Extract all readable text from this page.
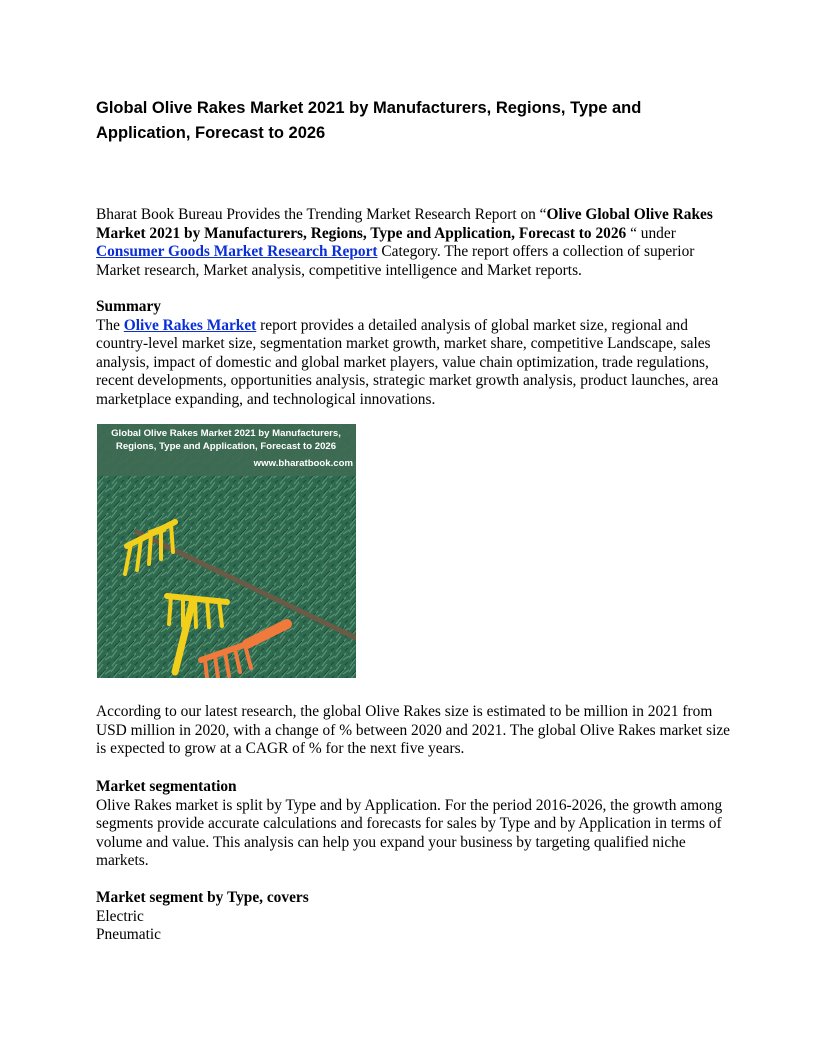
Global Olive Rakes Market 2021 by Manufacturers, Regions, Type and Application, Forecast to 2026

Bharat Book Bureau Provides the Trending Market Research Report on “Olive Global Olive Rakes Market 2021 by Manufacturers, Regions, Type and Application, Forecast to 2026 “ under Consumer Goods Market Research Report Category. The report offers a collection of superior Market research, Market analysis, competitive intelligence and Market reports.

Summary
The Olive Rakes Market report provides a detailed analysis of global market size, regional and country-level market size, segmentation market growth, market share, competitive Landscape, sales analysis, impact of domestic and global market players, value chain optimization, trade regulations, recent developments, opportunities analysis, strategic market growth analysis, product launches, area marketplace expanding, and technological innovations.

Global Olive Rakes Market 2021 by Manufacturers,
Regions, Type and Application, Forecast to 2026
www.bharatbook.com

According to our latest research, the global Olive Rakes size is estimated to be million in 2021 from USD million in 2020, with a change of % between 2020 and 2021. The global Olive Rakes market size is expected to grow at a CAGR of % for the next five years.

Market segmentation
Olive Rakes market is split by Type and by Application. For the period 2016-2026, the growth among segments provide accurate calculations and forecasts for sales by Type and by Application in terms of volume and value. This analysis can help you expand your business by targeting qualified niche markets.

Market segment by Type, covers
Electric
Pneumatic
